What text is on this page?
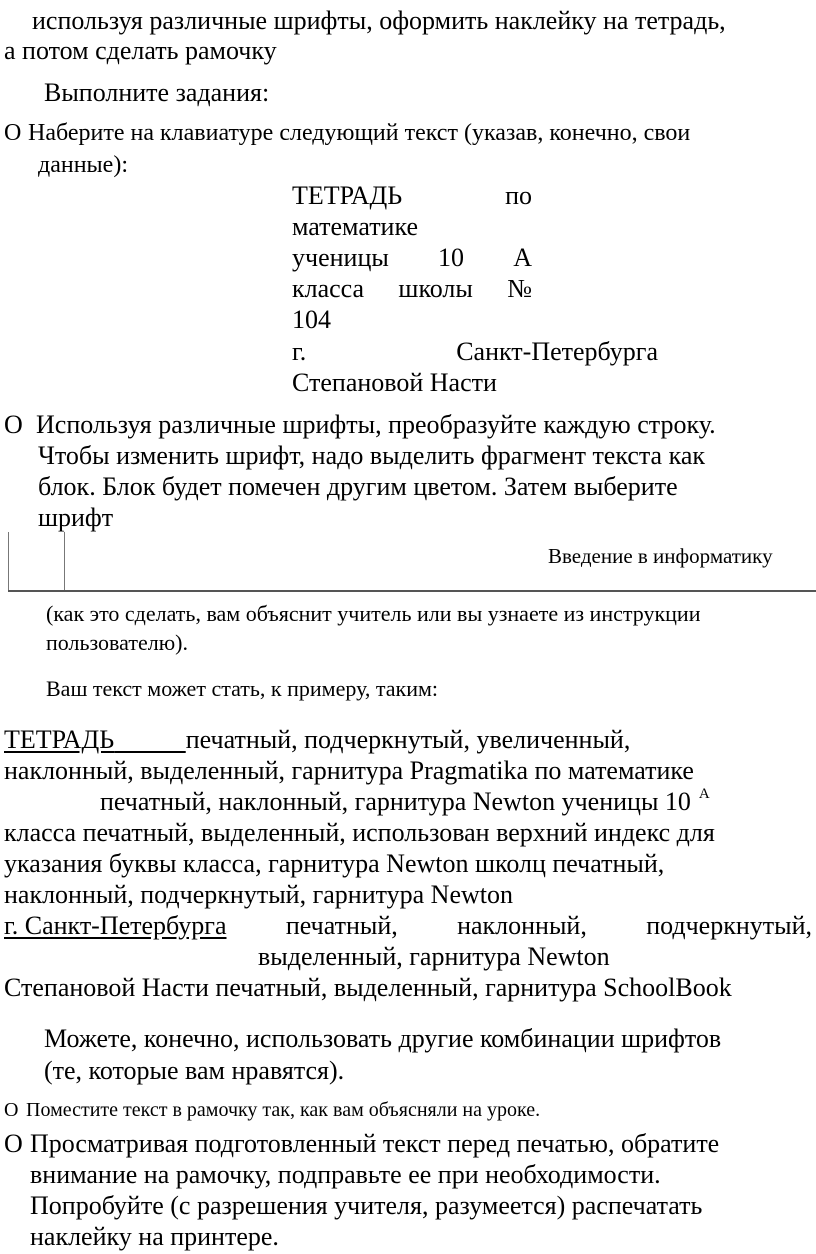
используя различные шрифты, оформить наклейку на тетрадь,
а потом сделать рамочку
Выполните задания:
O Наберите на клавиатуре следующий текст (указав, конечно, свои
данные):
ТЕТРАДЬ	по
математике
ученицы 10 А
класса школы №
104
г.	Санкт-Петербурга
Степановой Насти
O Используя различные шрифты, преобразуйте каждую строку.
Чтобы изменить шрифт, надо выделить фрагмент текста как
блок. Блок будет помечен другим цветом. Затем выберите
шрифт
Введение в информатику
(как это сделать, вам объяснит учитель или вы узнаете из инструкции
пользователю).
Ваш текст может стать, к примеру, таким:
ТЕТРАДЬ	печатный, подчеркнутый, увеличенный,
наклонный, выделенный, гарнитура Pragmatika по математике
печатный, наклонный, гарнитура Newton ученицы 10 $^А$
класса печатный, выделенный, использован верхний индекс для
указания буквы класса, гарнитура Newton школц печатный,
наклонный, подчеркнутый, гарнитура Newton
г. Санкт-Петербурга печатный, наклонный, подчеркнутый,
выделенный, гарнитура Newton
Степановой Насти печатный, выделенный, гарнитура SchoolBook
Можете, конечно, использовать другие комбинации шрифтов
(те, которые вам нравятся).
O Поместите текст в рамочку так, как вам объясняли на уроке.
O Просматривая подготовленный текст перед печатью, обратите
внимание на рамочку, подправьте ее при необходимости.
Попробуйте (с разрешения учителя, разумеется) распечатать
наклейку на принтере.
